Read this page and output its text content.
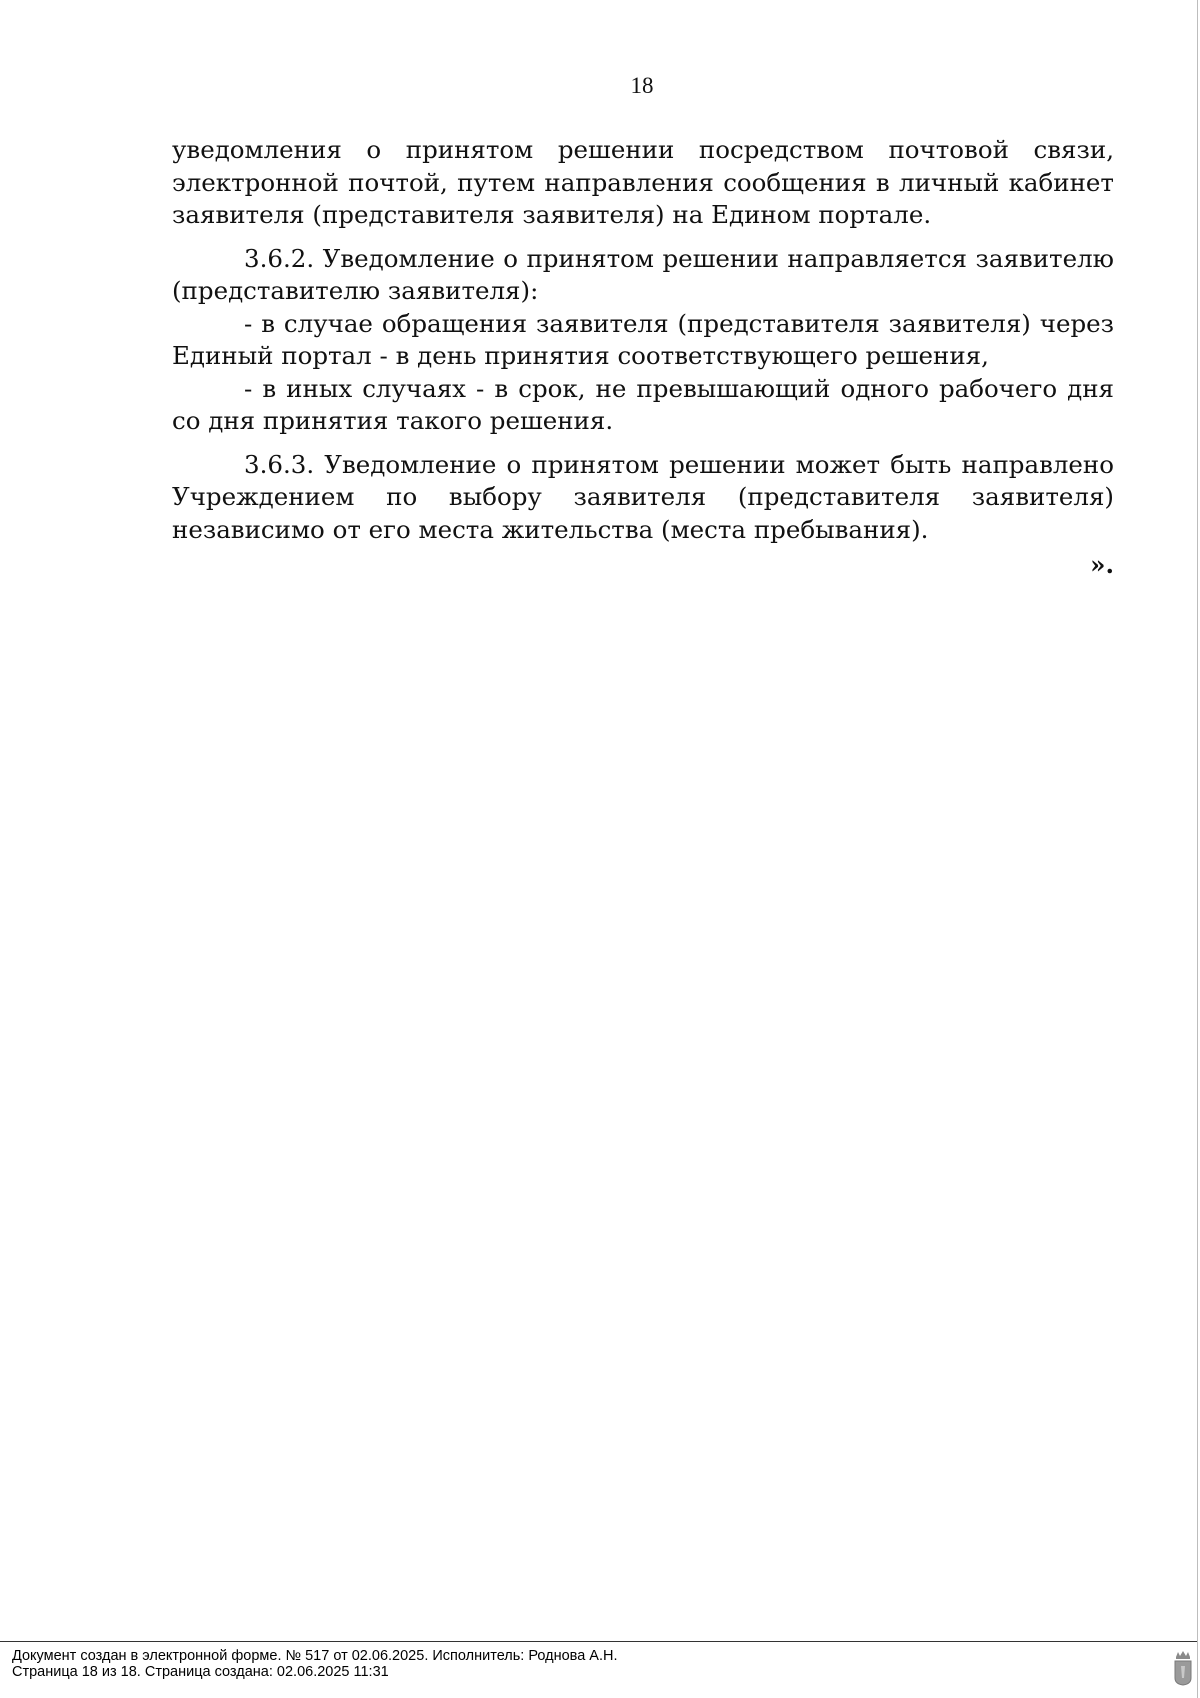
18

уведомления о принятом решении посредством почтовой связи, электронной почтой, путем направления сообщения в личный кабинет заявителя (представителя заявителя) на Едином портале.

3.6.2. Уведомление о принятом решении направляется заявителю (представителю заявителя):

- в случае обращения заявителя (представителя заявителя) через Единый портал - в день принятия соответствующего решения,

- в иных случаях - в срок, не превышающий одного рабочего дня со дня принятия такого решения.

3.6.3. Уведомление о принятом решении может быть направлено Учреждением по выбору заявителя (представителя заявителя) независимо от его места жительства (места пребывания).

».
Документ создан в электронной форме. № 517 от 02.06.2025. Исполнитель: Роднова А.Н.
Страница 18 из 18. Страница создана: 02.06.2025 11:31
